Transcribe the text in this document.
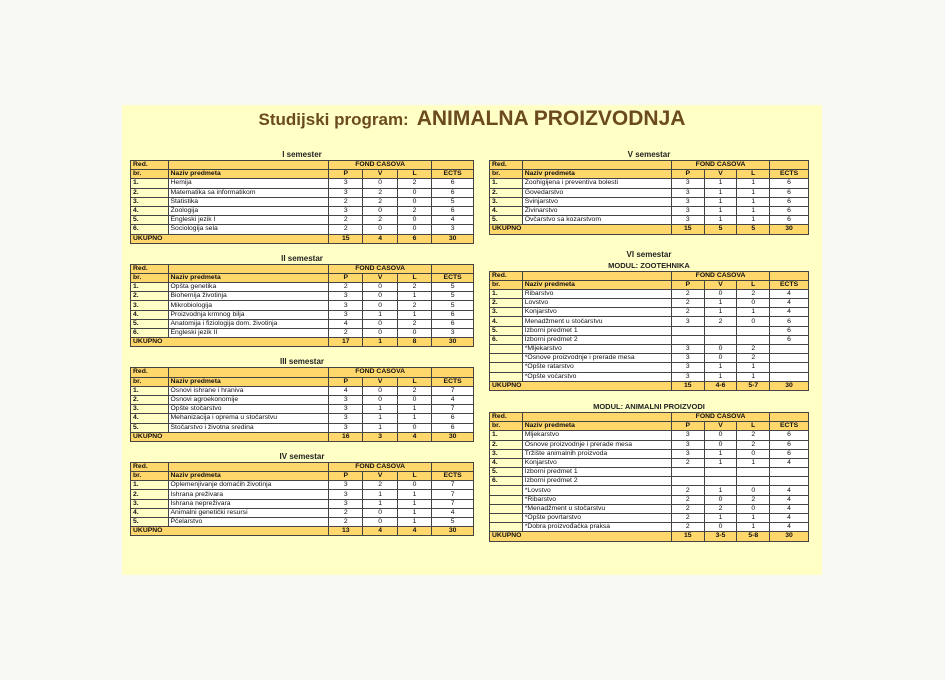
Studijski program: ANIMALNA PROIZVODNJA
I semester
Red.		FOND ČASOVA			
br.	Naziv predmeta	P	V	L	ECTS
1.	Hemija	3	0	2	6
2.	Matematika sa informatikom	3	2	0	6
3.	Statistika	2	2	0	5
4.	Zoologija	3	0	2	6
5.	Engleski jezik I	2	2	0	4
6.	Sociologija sela	2	0	0	3
UKUPNO		15	4	6	30
II semestar
Red.		FOND ČASOVA			
br.	Naziv predmeta	P	V	L	ECTS
1.	Opšta genetika	2	0	2	5
2.	Biohemija životinja	3	0	1	5
3.	Mikrobiologija	3	0	2	5
4.	Proizvodnja krmnog bilja	3	1	1	6
5.	Anatomija i fiziologija dom. životinja	4	0	2	6
6.	Engleski jezik II	2	0	0	3
UKUPNO		17	1	8	30
III semestar
Red.		FOND ČASOVA			
br.	Naziv predmeta	P	V	L	ECTS
1.	Osnovi ishrane i hraniva	4	0	2	7
2.	Osnovi agroekonomije	3	0	0	4
3.	Opšte stočarstvo	3	1	1	7
4.	Mehanizacija i oprema u stočarstvu	3	1	1	6
5.	Stočarstvo i životna sredina	3	1	0	6
UKUPNO		16	3	4	30
IV semestar
Red.		FOND ČASOVA			
br.	Naziv predmeta	P	V	L	ECTS
1.	Oplemenjivanje domaćih životinja	3	2	0	7
2.	Ishrana preživara	3	1	1	7
3.	Ishrana nepreživara	3	1	1	7
4.	Animalni genetički resursi	2	0	1	4
5.	Pčelarstvo	2	0	1	5
UKUPNO		13	4	4	30
V semestar
Red.		FOND ČASOVA			
br.	Naziv predmeta	P	V	L	ECTS
1.	Zoohigijena i preventiva bolesti	3	1	1	6
2.	Govedarstvo	3	1	1	6
3.	Svinjarstvo	3	1	1	6
4.	Živinarstvo	3	1	1	6
5.	Ovčarstvo sa kozarstvom	3	1	1	6
UKUPNO		15	5	5	30
VI semestar
MODUL: ZOOTEHNIKA
Red.		FOND ČASOVA			
br.	Naziv predmeta	P	V	L	ECTS
1.	Ribarstvo	2	0	2	4
2.	Lovstvo	2	1	0	4
3.	Konjarstvo	2	1	1	4
4.	Menadžment u stočarstvu	3	2	0	6
5.	Izborni predmet 1				6
6.	Izborni predmet 2				6
	*Mljekarstvo	3	0	2	
	*Osnove proizvodnje i prerade mesa	3	0	2	
	*Opšte ratarstvo	3	1	1	
	*Opšte voćarstvo	3	1	1	
UKUPNO		15	4-6	5-7	30
MODUL: ANIMALNI PROIZVODI
Red.		FOND ČASOVA			
br.	Naziv predmeta	P	V	L	ECTS
1.	Mljekarstvo	3	0	2	6
2.	Osnove proizvodnje i prerade mesa	3	0	2	6
3.	Tržište animalnih proizvoda	3	1	0	6
4.	Konjarstvo	2	1	1	4
5.	Izborni predmet 1				
6.	Izborni predmet 2				
	*Lovstvo	2	1	0	4
	*Ribarstvo	2	0	2	4
	*Menadžment u stočarstvu	2	2	0	4
	*Opšte povrtarstvo	2	1	1	4
	*Dobra proizvođačka praksa	2	0	1	4
UKUPNO		15	3-5	5-8	30
